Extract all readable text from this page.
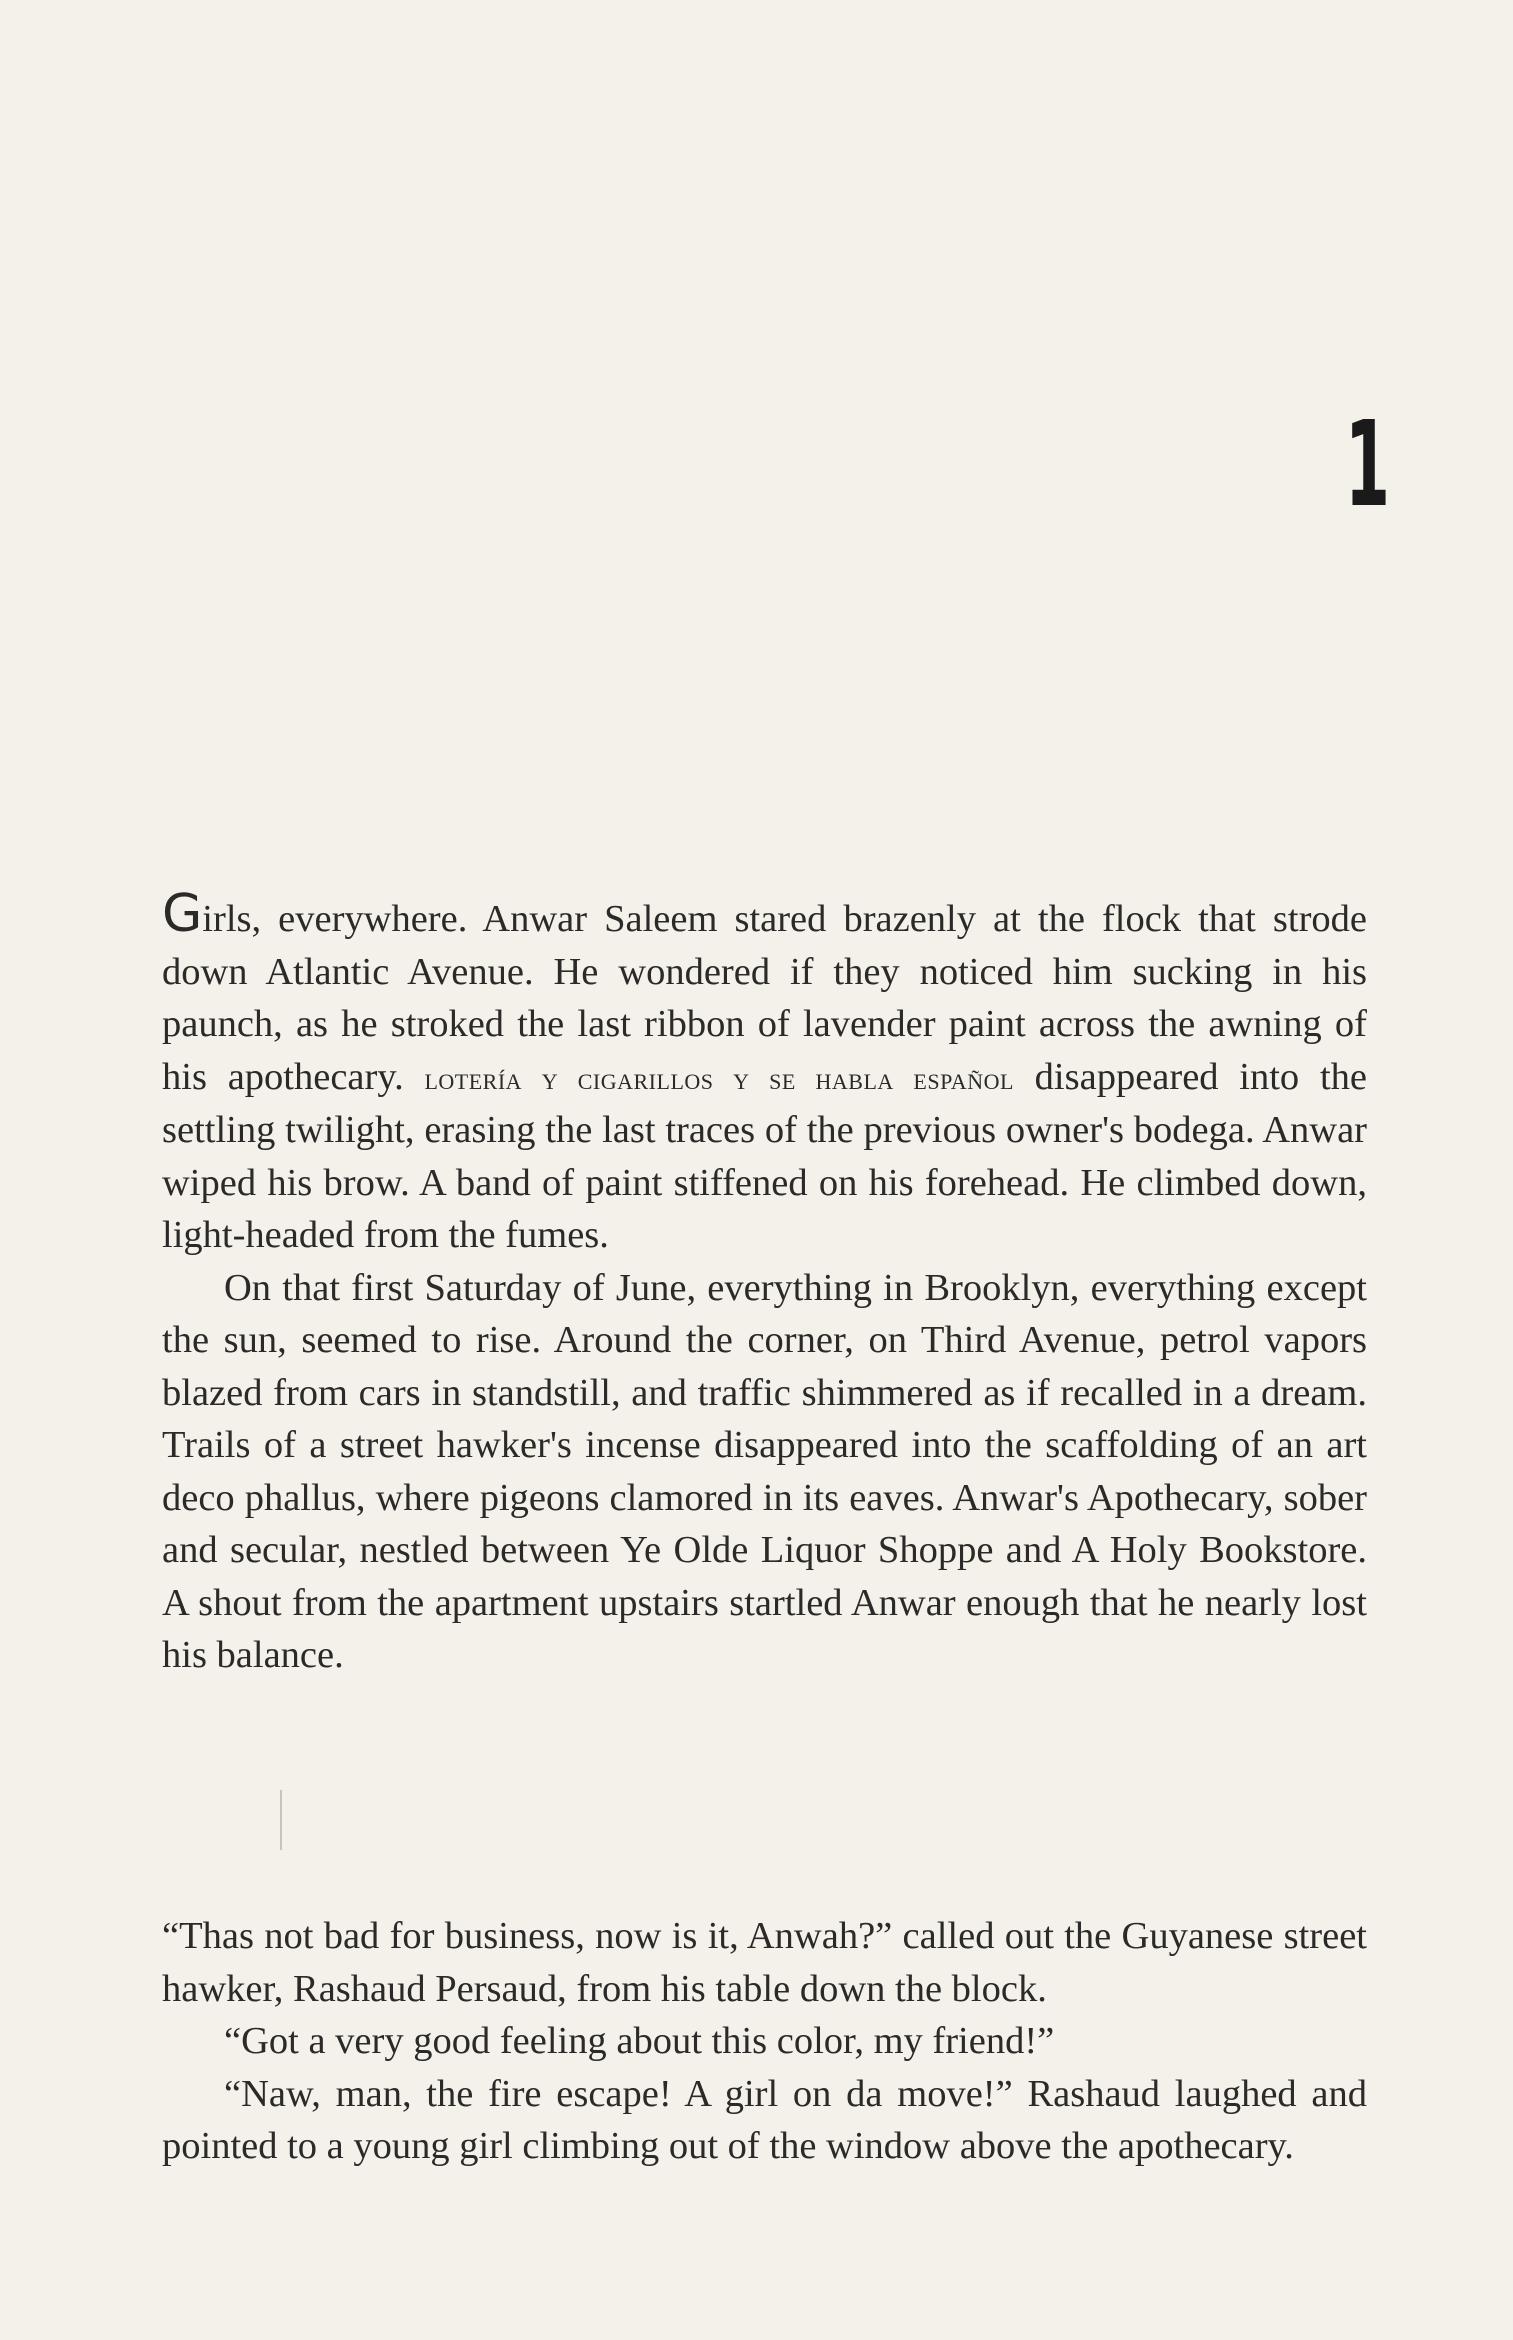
1

Girls, everywhere. Anwar Saleem stared brazenly at the flock that strode down Atlantic Avenue. He wondered if they noticed him sucking in his paunch, as he stroked the last ribbon of lavender paint across the awning of his apothecary. lotería y cigarillos y se habla español disappeared into the settling twilight, erasing the last traces of the previous owner's bodega. Anwar wiped his brow. A band of paint stiffened on his forehead. He climbed down, light-headed from the fumes.

On that first Saturday of June, everything in Brooklyn, everything except the sun, seemed to rise. Around the corner, on Third Avenue, petrol vapors blazed from cars in standstill, and traffic shimmered as if recalled in a dream. Trails of a street hawker's incense disappeared into the scaffolding of an art deco phallus, where pigeons clamored in its eaves. Anwar's Apothecary, sober and secular, nestled between Ye Olde Liquor Shoppe and A Holy Bookstore. A shout from the apartment upstairs startled Anwar enough that he nearly lost his balance.

“Thas not bad for business, now is it, Anwah?” called out the Guyanese street hawker, Rashaud Persaud, from his table down the block.

“Got a very good feeling about this color, my friend!”

“Naw, man, the fire escape! A girl on da move!” Rashaud laughed and pointed to a young girl climbing out of the window above the apothecary.
